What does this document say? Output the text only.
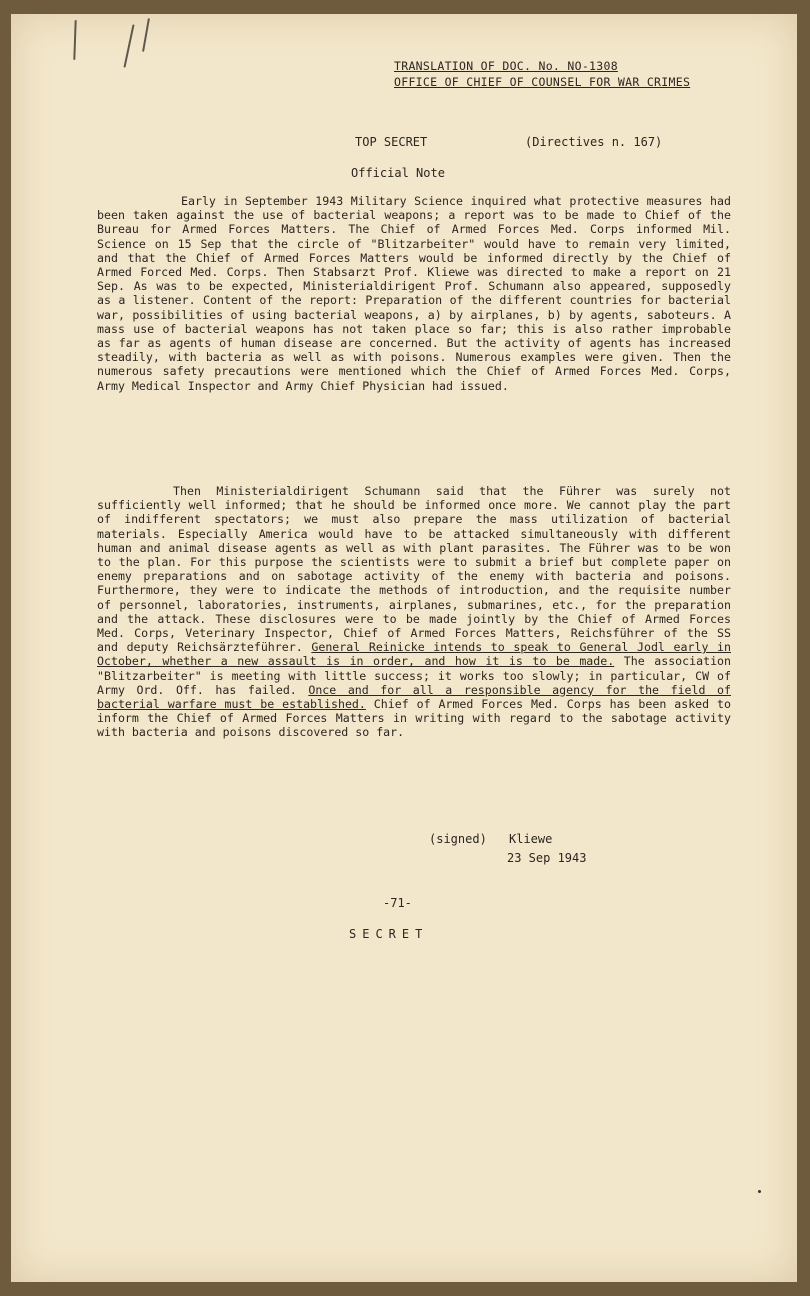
TRANSLATION OF DOC. No. NO-1308
OFFICE OF CHIEF OF COUNSEL FOR WAR CRIMES
TOP SECRET	(Directives n. 167)
Official Note

Early in September 1943 Military Science inquired what protective measures had been taken against the use of bacterial weapons; a report was to be made to Chief of the Bureau for Armed Forces Matters. The Chief of Armed Forces Med. Corps informed Mil. Science on 15 Sep that the circle of "Blitzarbeiter" would have to remain very limited, and that the Chief of Armed Forces Matters would be informed directly by the Chief of Armed Forced Med. Corps. Then Stabsarzt Prof. Kliewe was directed to make a report on 21 Sep. As was to be expected, Ministerialdirigent Prof. Schumann also appeared, supposedly as a listener. Content of the report: Preparation of the different countries for bacterial war, possibilities of using bacterial weapons, a) by airplanes, b) by agents, saboteurs. A mass use of bacterial weapons has not taken place so far; this is also rather improbable as far as agents of human disease are concerned. But the activity of agents has increased steadily, with bacteria as well as with poisons. Numerous examples were given. Then the numerous safety precautions were mentioned which the Chief of Armed Forces Med. Corps, Army Medical Inspector and Army Chief Physician had issued.

Then Ministerialdirigent Schumann said that the Führer was surely not sufficiently well informed; that he should be informed once more. We cannot play the part of indifferent spectators; we must also prepare the mass utilization of bacterial materials. Especially America would have to be attacked simultaneously with different human and animal disease agents as well as with plant parasites. The Führer was to be won to the plan. For this purpose the scientists were to submit a brief but complete paper on enemy preparations and on sabotage activity of the enemy with bacteria and poisons. Furthermore, they were to indicate the methods of introduction, and the requisite number of personnel, laboratories, instruments, airplanes, submarines, etc., for the preparation and the attack. These disclosures were to be made jointly by the Chief of Armed Forces Med. Corps, Veterinary Inspector, Chief of Armed Forces Matters, Reichsführer of the SS and deputy Reichsärzteführer. General Reinicke intends to speak to General Jodl early in October, whether a new assault is in order, and how it is to be made. The association "Blitzarbeiter" is meeting with little success; it works too slowly; in particular, CW of Army Ord. Off. has failed. Once and for all a responsible agency for the field of bacterial warfare must be established. Chief of Armed Forces Med. Corps has been asked to inform the Chief of Armed Forces Matters in writing with regard to the sabotage activity with bacteria and poisons discovered so far.

(signed) Kliewe
23 Sep 1943
-71-
SECRET
